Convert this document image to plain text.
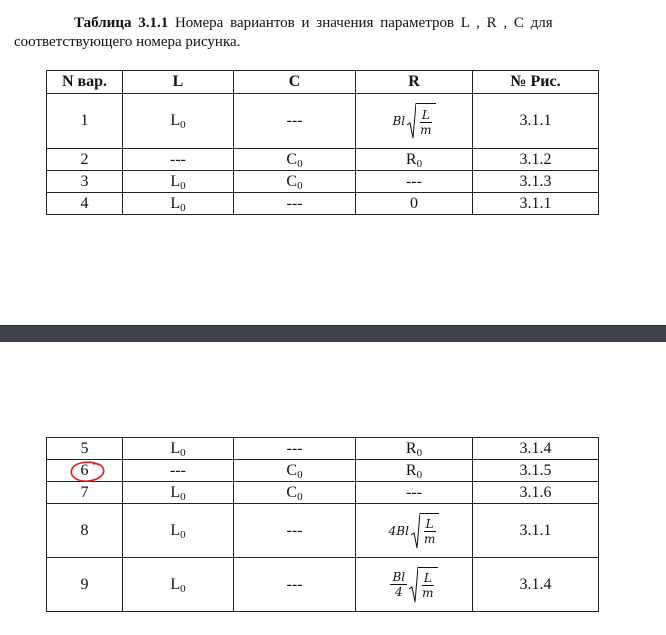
Таблица 3.1.1 Номера вариантов и значения параметров L , R , C для
соответствующего номера рисунка.
N вар.	L	C	R	№ Рис.
1	$L_0$	---	Bl $\frac{L}{m}$	3.1.1
2	---	$C_0$	$R_0$	3.1.2
3	$L_0$	$C_0$	---	3.1.3
4	$L_0$	---	0	3.1.1
5	$L_0$	---	$R_0$	3.1.4
6	---	$C_0$	$R_0$	3.1.5
7	$L_0$	$C_0$	---	3.1.6
8	$L_0$	---	$4Bl \frac{L}{m}$	3.1.1
9	$L_0$	---	$\frac{Bl}{4} \frac{L}{m}$	3.1.4
